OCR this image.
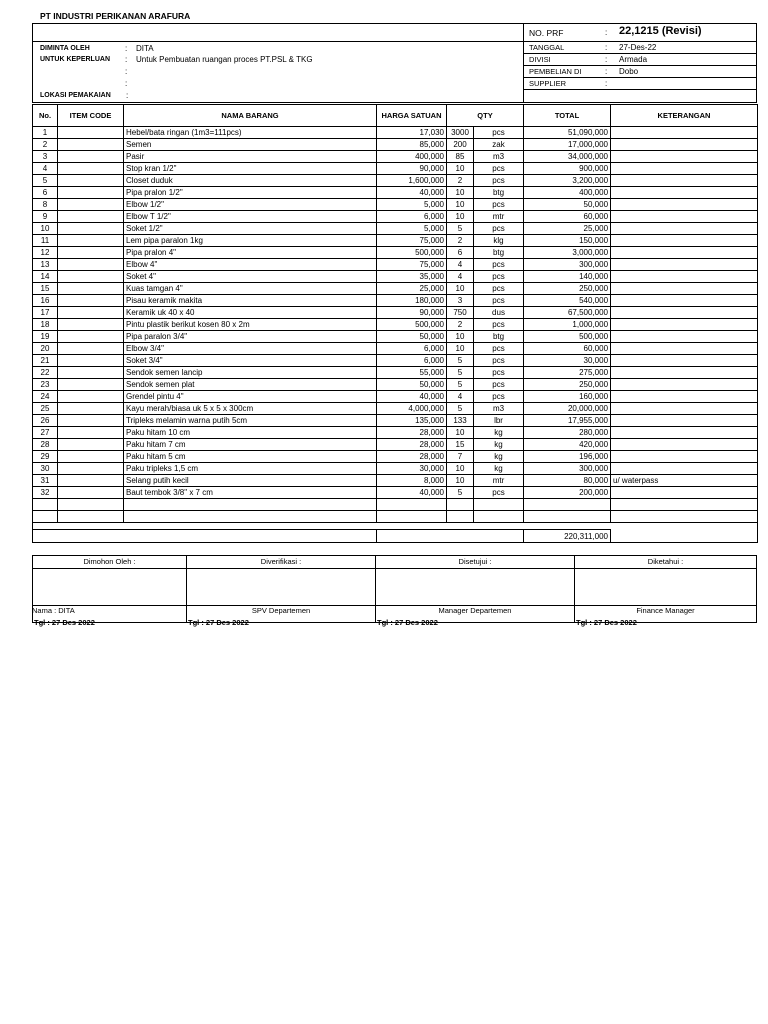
PT INDUSTRI PERIKANAN ARAFURA
DIMINTA OLEH	: DITA
UNTUK KEPERLUAN : Untuk Pembuatan ruangan proces PT.PSL & TKG
:
:
LOKASI PEMAKAIAN :
NO. PRF	: 22,1215 (Revisi)
TANGGAL	: 27-Des-22
DIVISI	: Armada
PEMBELIAN DI	: Dobo
SUPPLIER	:
No.	ITEM CODE	NAMA BARANG	HARGA SATUAN	QTY		TOTAL	KETERANGAN
1		Hebel/bata ringan (1m3=111pcs)	17,030	3000	pcs	51,090,000	
2		Semen	85,000	200	zak	17,000,000	
3		Pasir	400,000	85	m3	34,000,000	
4		Stop kran 1/2"	90,000	10	pcs	900,000	
5		Closet duduk	1,600,000	2	pcs	3,200,000	
6		Pipa pralon 1/2"	40,000	10	btg	400,000	
8		Elbow 1/2"	5,000	10	pcs	50,000	
9		Elbow T 1/2"	6,000	10	mtr	60,000	
10		Soket 1/2"	5,000	5	pcs	25,000	
11		Lem pipa paralon 1kg	75,000	2	klg	150,000	
12		Pipa pralon 4"	500,000	6	btg	3,000,000	
13		Elbow 4"	75,000	4	pcs	300,000	
14		Soket 4"	35,000	4	pcs	140,000	
15		Kuas tamgan 4"	25,000	10	pcs	250,000	
16		Pisau keramik makita	180,000	3	pcs	540,000	
17		Keramik uk 40 x 40	90,000	750	dus	67,500,000	
18		Pintu plastik berikut kosen 80 x 2m	500,000	2	pcs	1,000,000	
19		Pipa paralon 3/4"	50,000	10	btg	500,000	
20		Elbow 3/4"	6,000	10	pcs	60,000	
21		Soket 3/4"	6,000	5	pcs	30,000	
22		Sendok semen lancip	55,000	5	pcs	275,000	
23		Sendok semen plat	50,000	5	pcs	250,000	
24		Grendel pintu 4"	40,000	4	pcs	160,000	
25		Kayu merah/biasa uk 5 x 5 x 300cm	4,000,000	5	m3	20,000,000	
26		Tripleks melamin warna putih 5cm	135,000	133	lbr	17,955,000	
27		Paku hitam 10 cm	28,000	10	kg	280,000	
28		Paku hitam 7 cm	28,000	15	kg	420,000	
29		Paku hitam 5 cm	28,000	7	kg	196,000	
30		Paku tripleks 1,5 cm	30,000	10	kg	300,000	
31		Selang putih kecil	8,000	10	mtr	80,000	u/ waterpass
32		Baut tembok 3/8" x 7 cm	40,000	5	pcs	200,000	

						220,311,000	
Dimohon Oleh :	Diverifikasi :	Disetujui :	Diketahui :
Nama : DITA	SPV Departemen	Manager Departemen	Finance Manager
Tgl : 27 Des 2022	Tgl : 27 Des 2022	Tgl : 27 Des 2022	Tgl : 27 Des 2022
